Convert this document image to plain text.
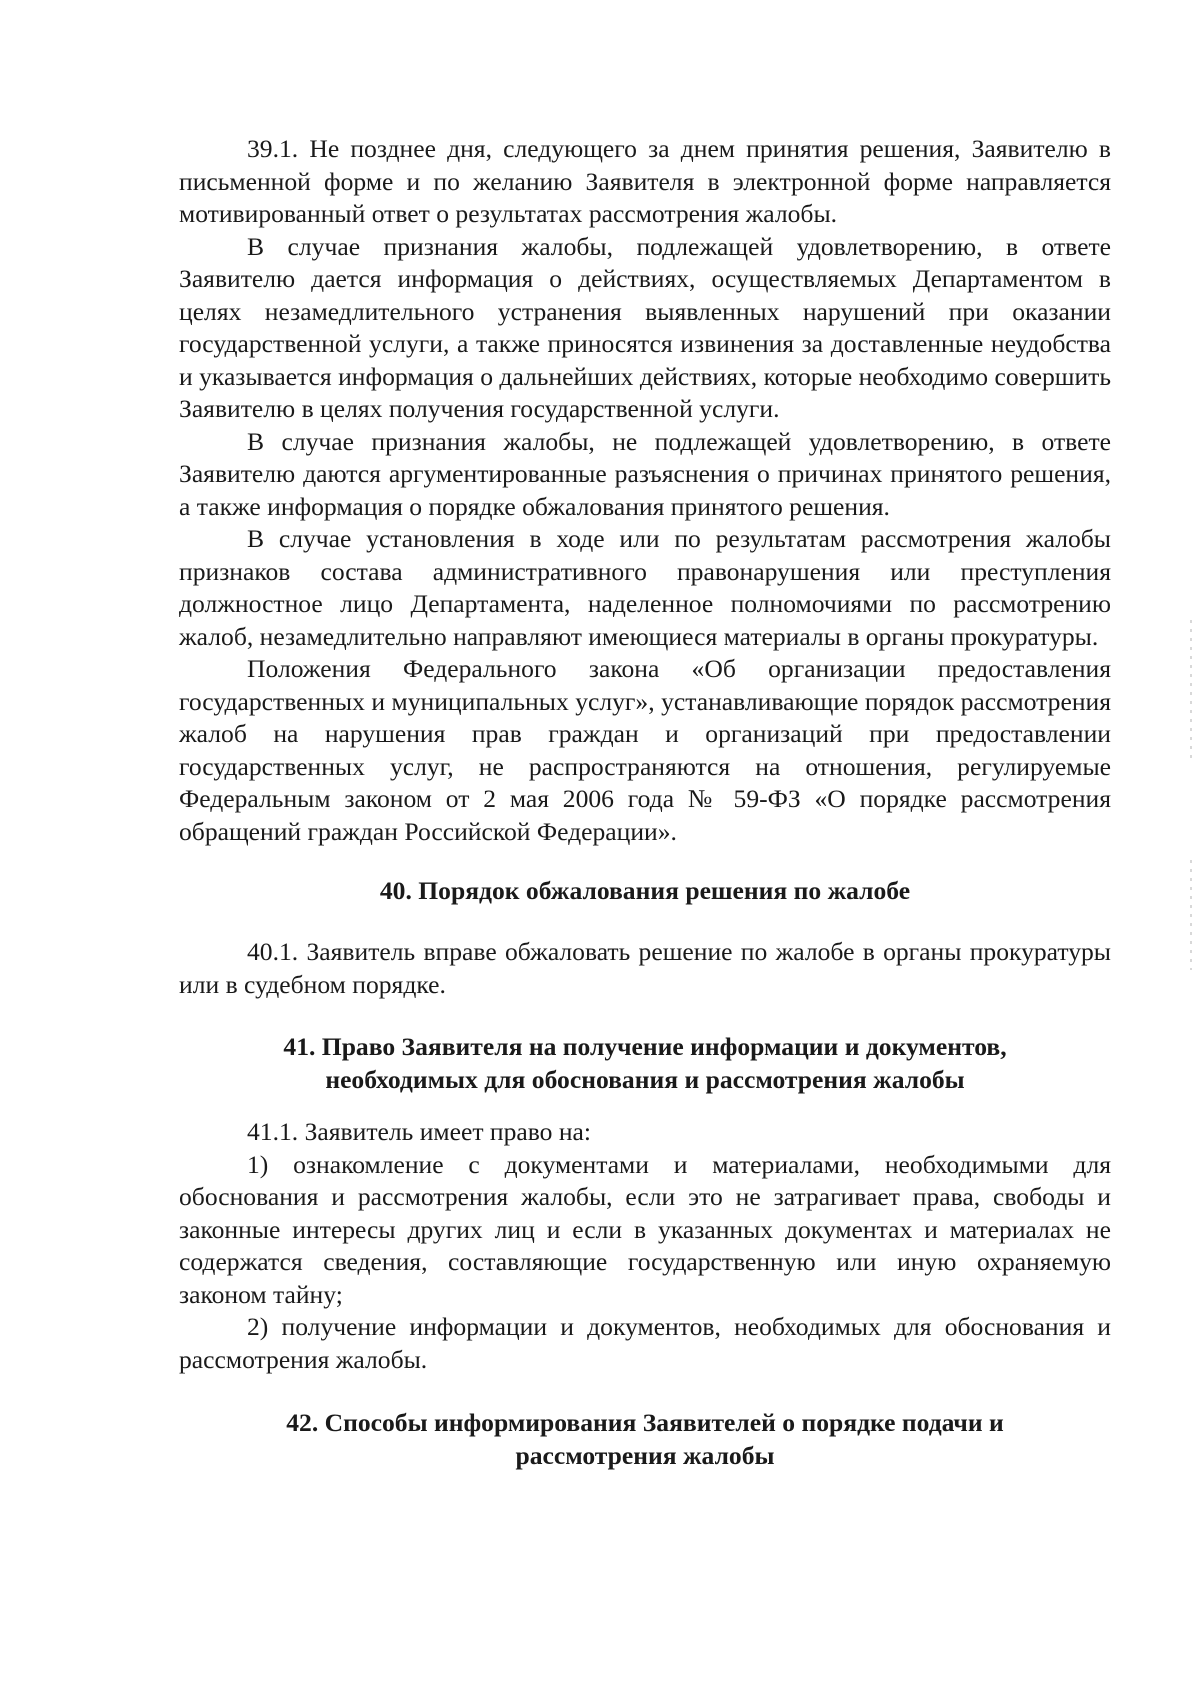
39.1. Не позднее дня, следующего за днем принятия решения, Заявителю в письменной форме и по желанию Заявителя в электронной форме направляется мотивированный ответ о результатах рассмотрения жалобы.

В случае признания жалобы, подлежащей удовлетворению, в ответе Заявителю дается информация о действиях, осуществляемых Департаментом в целях незамедлительного устранения выявленных нарушений при оказании государственной услуги, а также приносятся извинения за доставленные неудобства и указывается информация о дальнейших действиях, которые необходимо совершить Заявителю в целях получения государственной услуги.

В случае признания жалобы, не подлежащей удовлетворению, в ответе Заявителю даются аргументированные разъяснения о причинах принятого решения, а также информация о порядке обжалования принятого решения.

В случае установления в ходе или по результатам рассмотрения жалобы признаков состава административного правонарушения или преступления должностное лицо Департамента, наделенное полномочиями по рассмотрению жалоб, незамедлительно направляют имеющиеся материалы в органы прокуратуры.

Положения Федерального закона «Об организации предоставления государственных и муниципальных услуг», устанавливающие порядок рассмотрения жалоб на нарушения прав граждан и организаций при предоставлении государственных услуг, не распространяются на отношения, регулируемые Федеральным законом от 2 мая 2006 года № 59-ФЗ «О порядке рассмотрения обращений граждан Российской Федерации».

40. Порядок обжалования решения по жалобе

40.1. Заявитель вправе обжаловать решение по жалобе в органы прокуратуры или в судебном порядке.

41. Право Заявителя на получение информации и документов,
необходимых для обоснования и рассмотрения жалобы

41.1. Заявитель имеет право на:

1) ознакомление с документами и материалами, необходимыми для обоснования и рассмотрения жалобы, если это не затрагивает права, свободы и законные интересы других лиц и если в указанных документах и материалах не содержатся сведения, составляющие государственную или иную охраняемую законом тайну;

2) получение информации и документов, необходимых для обоснования и рассмотрения жалобы.

42. Способы информирования Заявителей о порядке подачи и
рассмотрения жалобы
